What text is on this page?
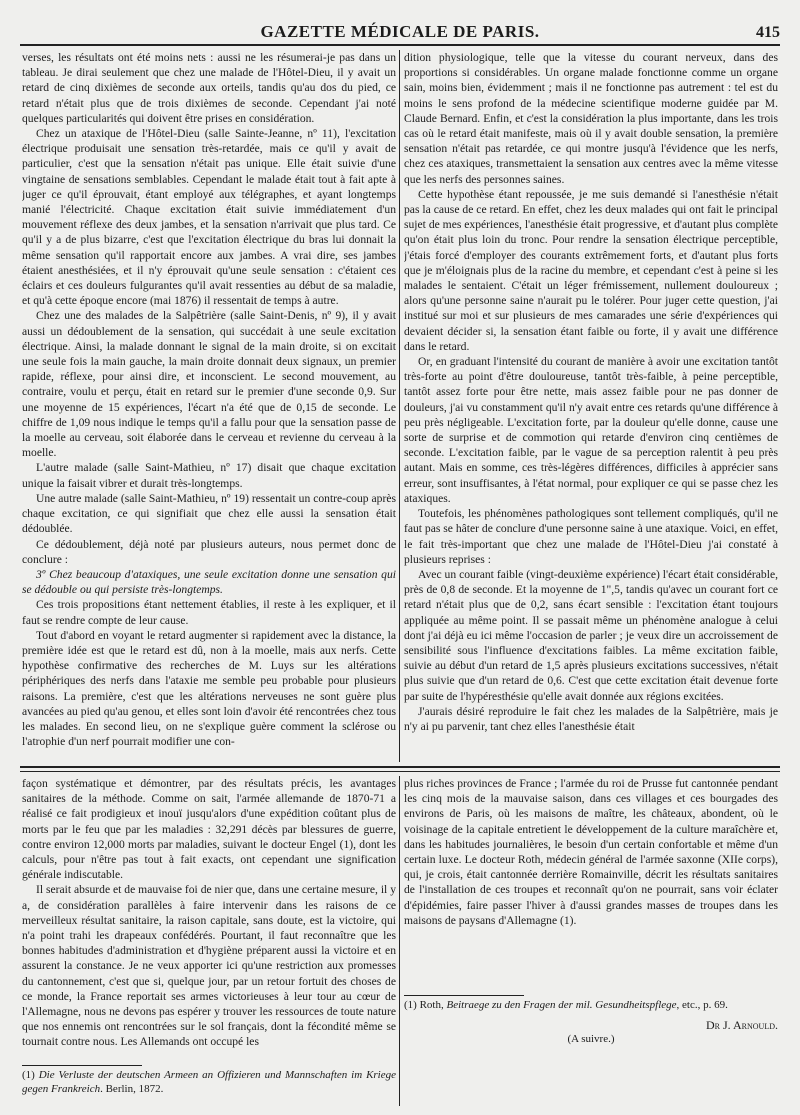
GAZETTE MÉDICALE DE PARIS.	415

verses, les résultats ont été moins nets : aussi ne les résumerai-je pas dans un tableau. Je dirai seulement que chez une malade de l'Hôtel-Dieu, il y avait un retard de cinq dixièmes de seconde aux orteils, tandis qu'au dos du pied, ce retard n'était plus que de trois dixièmes de seconde. Cependant j'ai noté quelques particularités qui doivent être prises en considération.

Chez un ataxique de l'Hôtel-Dieu (salle Sainte-Jeanne, nº 11), l'excitation électrique produisait une sensation très-retardée, mais ce qu'il y avait de particulier, c'est que la sensation n'était pas unique. Elle était suivie d'une vingtaine de sensations semblables. Cependant le malade était tout à fait apte à juger ce qu'il éprouvait, étant employé aux télégraphes, et ayant longtemps manié l'électricité. Chaque excitation était suivie immédiatement d'un mouvement réflexe des deux jambes, et la sensation n'arrivait que plus tard. Ce qu'il y a de plus bizarre, c'est que l'excitation électrique du bras lui donnait la même sensation qu'il rapportait encore aux jambes. A vrai dire, ses jambes étaient anesthésiées, et il n'y éprouvait qu'une seule sensation : c'étaient ces éclairs et ces douleurs fulgurantes qu'il avait ressenties au début de sa maladie, et qu'à cette époque encore (mai 1876) il ressentait de temps à autre.

Chez une des malades de la Salpêtrière (salle Saint-Denis, nº 9), il y avait aussi un dédoublement de la sensation, qui succédait à une seule excitation électrique. Ainsi, la malade donnant le signal de la main droite, si on excitait une seule fois la main gauche, la main droite donnait deux signaux, un premier rapide, réflexe, pour ainsi dire, et inconscient. Le second mouvement, au contraire, voulu et perçu, était en retard sur le premier d'une seconde 0,9. Sur une moyenne de 15 expériences, l'écart n'a été que de 0,15 de seconde. Le chiffre de 1,09 nous indique le temps qu'il a fallu pour que la sensation passe de la moelle au cerveau, soit élaborée dans le cerveau et revienne du cerveau à la moelle.

L'autre malade (salle Saint-Mathieu, nº 17) disait que chaque excitation unique la faisait vibrer et durait très-longtemps.

Une autre malade (salle Saint-Mathieu, nº 19) ressentait un contre-coup après chaque excitation, ce qui signifiait que chez elle aussi la sensation était dédoublée.

Ce dédoublement, déjà noté par plusieurs auteurs, nous permet donc de conclure :

3º Chez beaucoup d'ataxiques, une seule excitation donne une sensation qui se dédouble ou qui persiste très-longtemps.

Ces trois propositions étant nettement établies, il reste à les expliquer, et il faut se rendre compte de leur cause.

Tout d'abord en voyant le retard augmenter si rapidement avec la distance, la première idée est que le retard est dû, non à la moelle, mais aux nerfs. Cette hypothèse confirmative des recherches de M. Luys sur les altérations périphériques des nerfs dans l'ataxie me semble peu probable pour plusieurs raisons. La première, c'est que les altérations nerveuses ne sont guère plus avancées au pied qu'au genou, et elles sont loin d'avoir été rencontrées chez tous les malades. En second lieu, on ne s'explique guère comment la sclérose ou l'atrophie d'un nerf pourrait modifier une con-

dition physiologique, telle que la vitesse du courant nerveux, dans des proportions si considérables. Un organe malade fonctionne comme un organe sain, moins bien, évidemment ; mais il ne fonctionne pas autrement : tel est du moins le sens profond de la médecine scientifique moderne guidée par M. Claude Bernard. Enfin, et c'est la considération la plus importante, dans les trois cas où le retard était manifeste, mais où il y avait double sensation, la première sensation n'était pas retardée, ce qui montre jusqu'à l'évidence que les nerfs, chez ces ataxiques, transmettaient la sensation aux centres avec la même vitesse que les nerfs des personnes saines.

Cette hypothèse étant repoussée, je me suis demandé si l'anesthésie n'était pas la cause de ce retard. En effet, chez les deux malades qui ont fait le principal sujet de mes expériences, l'anesthésie était progressive, et d'autant plus complète qu'on était plus loin du tronc. Pour rendre la sensation électrique perceptible, j'étais forcé d'employer des courants extrêmement forts, et d'autant plus forts que je m'éloignais plus de la racine du membre, et cependant c'est à peine si les malades le sentaient. C'était un léger frémissement, nullement douloureux ; alors qu'une personne saine n'aurait pu le tolérer. Pour juger cette question, j'ai institué sur moi et sur plusieurs de mes camarades une série d'expériences qui devaient décider si, la sensation étant faible ou forte, il y avait une différence dans le retard.

Or, en graduant l'intensité du courant de manière à avoir une excitation tantôt très-forte au point d'être douloureuse, tantôt très-faible, à peine perceptible, tantôt assez forte pour être nette, mais assez faible pour ne pas donner de douleurs, j'ai vu constamment qu'il n'y avait entre ces retards qu'une différence à peu près négligeable. L'excitation forte, par la douleur qu'elle donne, cause une sorte de surprise et de commotion qui retarde d'environ cinq centièmes de seconde. L'excitation faible, par le vague de sa perception ralentit à peu près autant. Mais en somme, ces très-légères différences, difficiles à apprécier sans erreur, sont insuffisantes, à l'état normal, pour expliquer ce qui se passe chez les ataxiques.

Toutefois, les phénomènes pathologiques sont tellement compliqués, qu'il ne faut pas se hâter de conclure d'une personne saine à une ataxique. Voici, en effet, le fait très-important que chez une malade de l'Hôtel-Dieu j'ai constaté à plusieurs reprises :

Avec un courant faible (vingt-deuxième expérience) l'écart était considérable, près de 0,8 de seconde. Et la moyenne de 1",5, tandis qu'avec un courant fort ce retard n'était plus que de 0,2, sans écart sensible : l'excitation étant toujours appliquée au même point. Il se passait même un phénomène analogue à celui dont j'ai déjà eu ici même l'occasion de parler ; je veux dire un accroissement de sensibilité sous l'influence d'excitations faibles. La même excitation faible, suivie au début d'un retard de 1,5 après plusieurs excitations successives, n'était plus suivie que d'un retard de 0,6. C'est que cette excitation était devenue forte par suite de l'hypéresthésie qu'elle avait donnée aux régions excitées.

J'aurais désiré reproduire le fait chez les malades de la Salpêtrière, mais je n'y ai pu parvenir, tant chez elles l'anesthésie était

façon systématique et démontrer, par des résultats précis, les avantages sanitaires de la méthode. Comme on sait, l'armée allemande de 1870-71 a réalisé ce fait prodigieux et inouï jusqu'alors d'une expédition coûtant plus de morts par le feu que par les maladies : 32,291 décès par blessures de guerre, contre environ 12,000 morts par maladies, suivant le docteur Engel (1), dont les calculs, pour n'être pas tout à fait exacts, ont cependant une signification générale indiscutable.

Il serait absurde et de mauvaise foi de nier que, dans une certaine mesure, il y a, de considération parallèles à faire intervenir dans les raisons de ce merveilleux résultat sanitaire, la raison capitale, sans doute, est la victoire, qui n'a point trahi les drapeaux confédérés. Pourtant, il faut reconnaître que les bonnes habitudes d'administration et d'hygiène préparent aussi la victoire et en assurent la constance. Je ne veux apporter ici qu'une restriction aux promesses du cantonnement, c'est que si, quelque jour, par un retour fortuit des choses de ce monde, la France reportait ses armes victorieuses à leur tour au cœur de l'Allemagne, nous ne devons pas espérer y trouver les ressources de toute nature que nos ennemis ont rencontrées sur le sol français, dont la fécondité même se tournait contre nous. Les Allemands ont occupé les

(1) Die Verluste der deutschen Armeen an Offizieren und Mannschaften im Kriege gegen Frankreich. Berlin, 1872.

plus riches provinces de France ; l'armée du roi de Prusse fut cantonnée pendant les cinq mois de la mauvaise saison, dans ces villages et ces bourgades des environs de Paris, où les maisons de maître, les châteaux, abondent, où le voisinage de la capitale entretient le développement de la culture maraîchère et, dans les habitudes journalières, le besoin d'un certain confortable et même d'un certain luxe. Le docteur Roth, médecin général de l'armée saxonne (XIIe corps), qui, je crois, était cantonnée derrière Romainville, décrit les résultats sanitaires de l'installation de ces troupes et reconnaît qu'on ne pourrait, sans voir éclater d'épidémies, faire passer l'hiver à d'aussi grandes masses de troupes dans les maisons de paysans d'Allemagne (1).

(1) Roth, Beitraege zu den Fragen der mil. Gesundheitspflege, etc., p. 69.

Dr J. Arnould.

(A suivre.)
